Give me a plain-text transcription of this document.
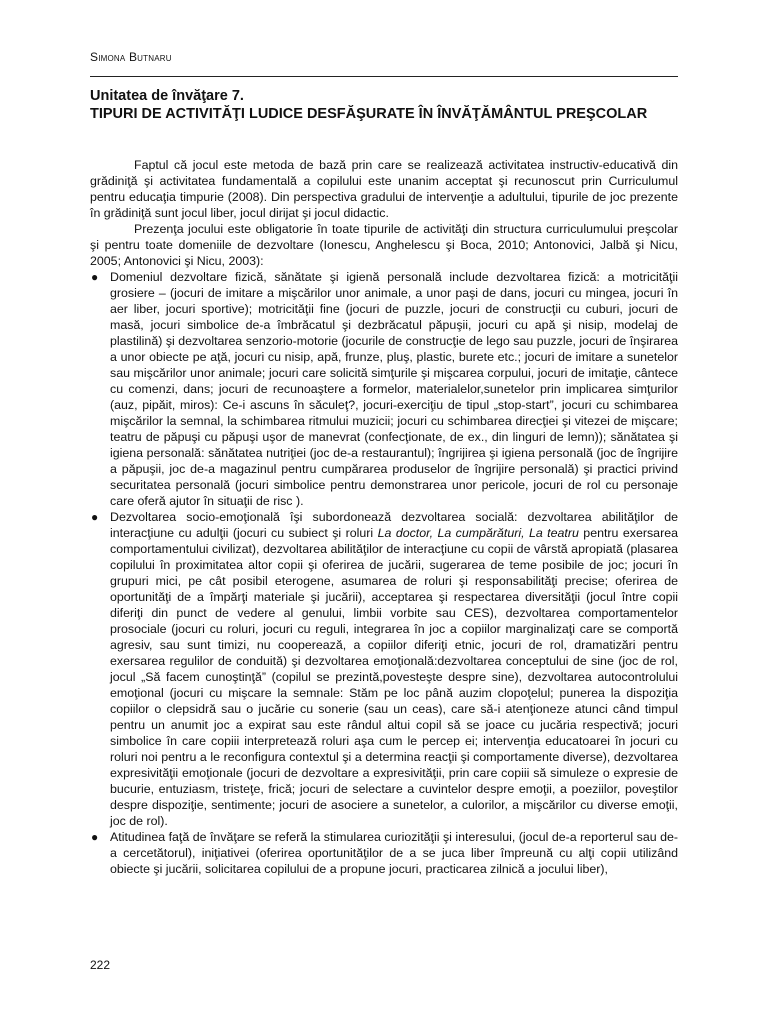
Simona Butnaru
Unitatea de învăţare 7.
TIPURI DE ACTIVITĂŢI LUDICE DESFĂŞURATE ÎN ÎNVĂŢĂMÂNTUL PREŞCOLAR

Faptul că jocul este metoda de bază prin care se realizează activitatea instructiv-educativă din grădiniţă şi activitatea fundamentală a copilului este unanim acceptat şi recunoscut prin Curriculumul pentru educaţia timpurie (2008). Din perspectiva gradului de intervenţie a adultului, tipurile de joc prezente în grădiniţă sunt jocul liber, jocul dirijat şi jocul didactic.

Prezenţa jocului este obligatorie în toate tipurile de activităţi din structura curriculumului preşcolar şi pentru toate domeniile de dezvoltare (Ionescu, Anghelescu şi Boca, 2010; Antonovici, Jalbă şi Nicu, 2005; Antonovici şi Nicu, 2003):

● Domeniul dezvoltare fizică, sănătate şi igienă personală include dezvoltarea fizică: a motricităţii grosiere – (jocuri de imitare a mişcărilor unor animale, a unor paşi de dans, jocuri cu mingea, jocuri în aer liber, jocuri sportive); motricităţii fine (jocuri de puzzle, jocuri de construcţii cu cuburi, jocuri de masă, jocuri simbolice de-a îmbrăcatul şi dezbrăcatul păpuşii, jocuri cu apă şi nisip, modelaj de plastilină) şi dezvoltarea senzorio-motorie (jocurile de construcţie de lego sau puzzle, jocuri de înşirarea a unor obiecte pe aţă, jocuri cu nisip, apă, frunze, pluş, plastic, burete etc.; jocuri de imitare a sunetelor sau mişcărilor unor animale; jocuri care solicită simţurile şi mişcarea corpului, jocuri de imitaţie, cântece cu comenzi, dans; jocuri de recunoaştere a formelor, materialelor,sunetelor prin implicarea simţurilor (auz, pipăit, miros): Ce-i ascuns în săculeţ?, jocuri-exerciţiu de tipul „stop-start”, jocuri cu schimbarea mişcărilor la semnal, la schimbarea ritmului muzicii; jocuri cu schimbarea direcţiei şi vitezei de mişcare; teatru de păpuşi cu păpuşi uşor de manevrat (confecţionate, de ex., din linguri de lemn)); sănătatea şi igiena personală: sănătatea nutriţiei (joc de-a restaurantul); îngrijirea şi igiena personală (joc de îngrijire a păpuşii, joc de-a magazinul pentru cumpărarea produselor de îngrijire personală) şi practici privind securitatea personală (jocuri simbolice pentru demonstrarea unor pericole, jocuri de rol cu personaje care oferă ajutor în situaţii de risc ).
● Dezvoltarea socio-emoţională îşi subordonează dezvoltarea socială: dezvoltarea abilităţilor de interacţiune cu adulţii (jocuri cu subiect şi roluri La doctor, La cumpărături, La teatru pentru exersarea comportamentului civilizat), dezvoltarea abilităţilor de interacţiune cu copii de vârstă apropiată (plasarea copilului în proximitatea altor copii şi oferirea de jucării, sugerarea de teme posibile de joc; jocuri în grupuri mici, pe cât posibil eterogene, asumarea de roluri şi responsabilităţi precise; oferirea de oportunităţi de a împărţi materiale şi jucării), acceptarea şi respectarea diversităţii (jocul între copii diferiţi din punct de vedere al genului, limbii vorbite sau CES), dezvoltarea comportamentelor prosociale (jocuri cu roluri, jocuri cu reguli, integrarea în joc a copiilor marginalizaţi care se comportă agresiv, sau sunt timizi, nu cooperează, a copiilor diferiţi etnic, jocuri de rol, dramatizări pentru exersarea regulilor de conduită) şi dezvoltarea emoţională:dezvoltarea conceptului de sine (joc de rol, jocul „Să facem cunoştinţă” (copilul se prezintă,povesteşte despre sine), dezvoltarea autocontrolului emoţional (jocuri cu mişcare la semnale: Stăm pe loc până auzim clopoţelul; punerea la dispoziţia copiilor o clepsidră sau o jucărie cu sonerie (sau un ceas), care să-i atenţioneze atunci când timpul pentru un anumit joc a expirat sau este rândul altui copil să se joace cu jucăria respectivă; jocuri simbolice în care copiii interpretează roluri aşa cum le percep ei; intervenţia educatoarei în jocuri cu roluri noi pentru a le reconfigura contextul şi a determina reacţii şi comportamente diverse), dezvoltarea expresivităţii emoţionale (jocuri de dezvoltare a expresivităţii, prin care copiii să simuleze o expresie de bucurie, entuziasm, tristeţe, frică; jocuri de selectare a cuvintelor despre emoţii, a poeziilor, poveştilor despre dispoziţie, sentimente; jocuri de asociere a sunetelor, a culorilor, a mişcărilor cu diverse emoţii, joc de rol).
● Atitudinea faţă de învăţare se referă la stimularea curiozităţii şi interesului, (jocul de-a reporterul sau de-a cercetătorul), iniţiativei (oferirea oportunităţilor de a se juca liber împreună cu alţi copii utilizând obiecte şi jucării, solicitarea copilului de a propune jocuri, practicarea zilnică a jocului liber),
222
